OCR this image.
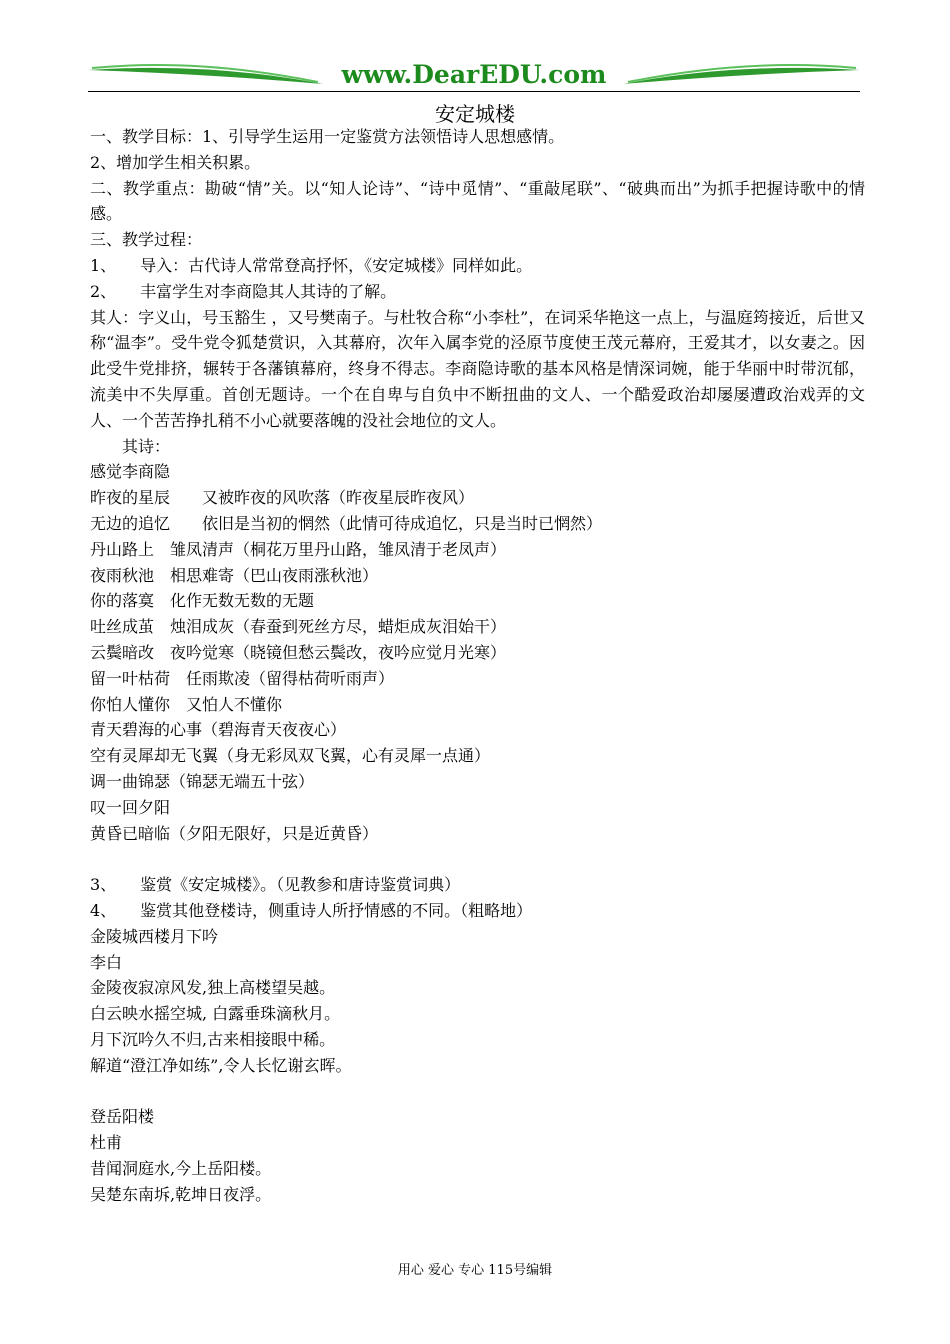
www.DearEDU.com
安定城楼

一、教学目标：1、引导学生运用一定鉴赏方法领悟诗人思想感情。

2、增加学生相关积累。

二、教学重点：勘破“情”关。以“知人论诗”、“诗中觅情”、“重敲尾联”、“破典而出”为抓手把握诗歌中的情感。

三、教学过程：

1、　　导入：古代诗人常常登高抒怀，《安定城楼》同样如此。

2、　　丰富学生对李商隐其人其诗的了解。

其人：字义山，号玉豁生 ，又号樊南子。与杜牧合称“小李杜”，在词采华艳这一点上，与温庭筠接近，后世又称“温李”。受牛党令狐楚赏识，入其幕府，次年入属李党的泾原节度使王茂元幕府，王爱其才，以女妻之。因此受牛党排挤，辗转于各藩镇幕府，终身不得志。李商隐诗歌的基本风格是情深词婉，能于华丽中时带沉郁，流美中不失厚重。首创无题诗。一个在自卑与自负中不断扭曲的文人、一个酷爱政治却屡屡遭政治戏弄的文人、一个苦苦挣扎稍不小心就要落魄的没社会地位的文人。

其诗：

感觉李商隐

昨夜的星辰　　又被昨夜的风吹落（昨夜星辰昨夜风）

无边的追忆　　依旧是当初的惘然（此情可待成追忆，只是当时已惘然）

丹山路上　雏凤清声（桐花万里丹山路，雏凤清于老凤声）

夜雨秋池　相思难寄（巴山夜雨涨秋池）

你的落寞　化作无数无数的无题

吐丝成茧　烛泪成灰（春蚕到死丝方尽，蜡炬成灰泪始干）

云鬓暗改　夜吟觉寒（晓镜但愁云鬓改，夜吟应觉月光寒）

留一叶枯荷　任雨欺凌（留得枯荷听雨声）

你怕人懂你　又怕人不懂你

青天碧海的心事（碧海青天夜夜心）

空有灵犀却无飞翼（身无彩凤双飞翼，心有灵犀一点通）

调一曲锦瑟（锦瑟无端五十弦）

叹一回夕阳

黄昏已暗临（夕阳无限好，只是近黄昏）

3、　　鉴赏《安定城楼》。（见教参和唐诗鉴赏词典）

4、　　鉴赏其他登楼诗，侧重诗人所抒情感的不同。（粗略地）

金陵城西楼月下吟

李白

金陵夜寂凉风发,独上高楼望吴越。

白云映水摇空城, 白露垂珠滴秋月。

月下沉吟久不归,古来相接眼中稀。

解道“澄江净如练”,令人长忆谢玄晖。

登岳阳楼

杜甫

昔闻洞庭水,今上岳阳楼。

吴楚东南坼,乾坤日夜浮。

用心 爱心 专心 115号编辑
